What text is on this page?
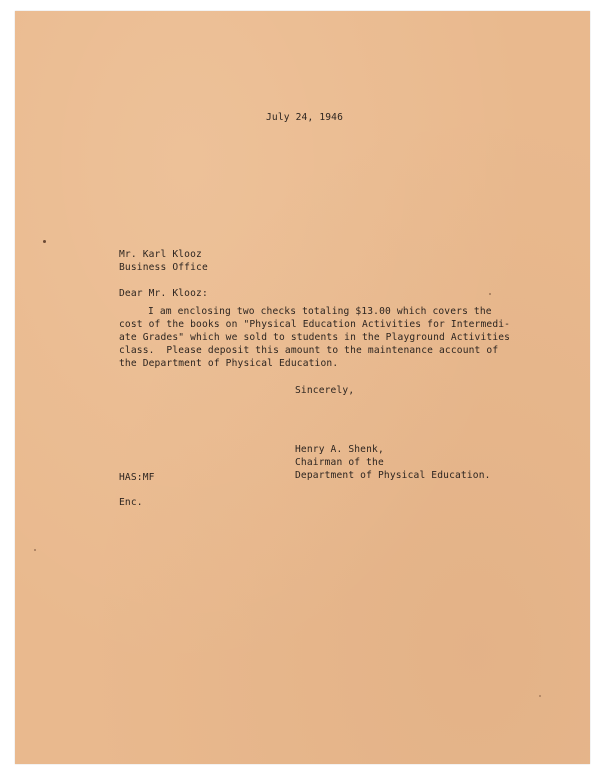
July 24, 1946
Mr. Karl Klooz
Business Office
Dear Mr. Klooz:
I am enclosing two checks totaling $13.00 which covers the
cost of the books on "Physical Education Activities for Intermedi-
ate Grades" which we sold to students in the Playground Activities
class.  Please deposit this amount to the maintenance account of
the Department of Physical Education.
Sincerely,
Henry A. Shenk,
Chairman of the
Department of Physical Education.
HAS:MF
Enc.
